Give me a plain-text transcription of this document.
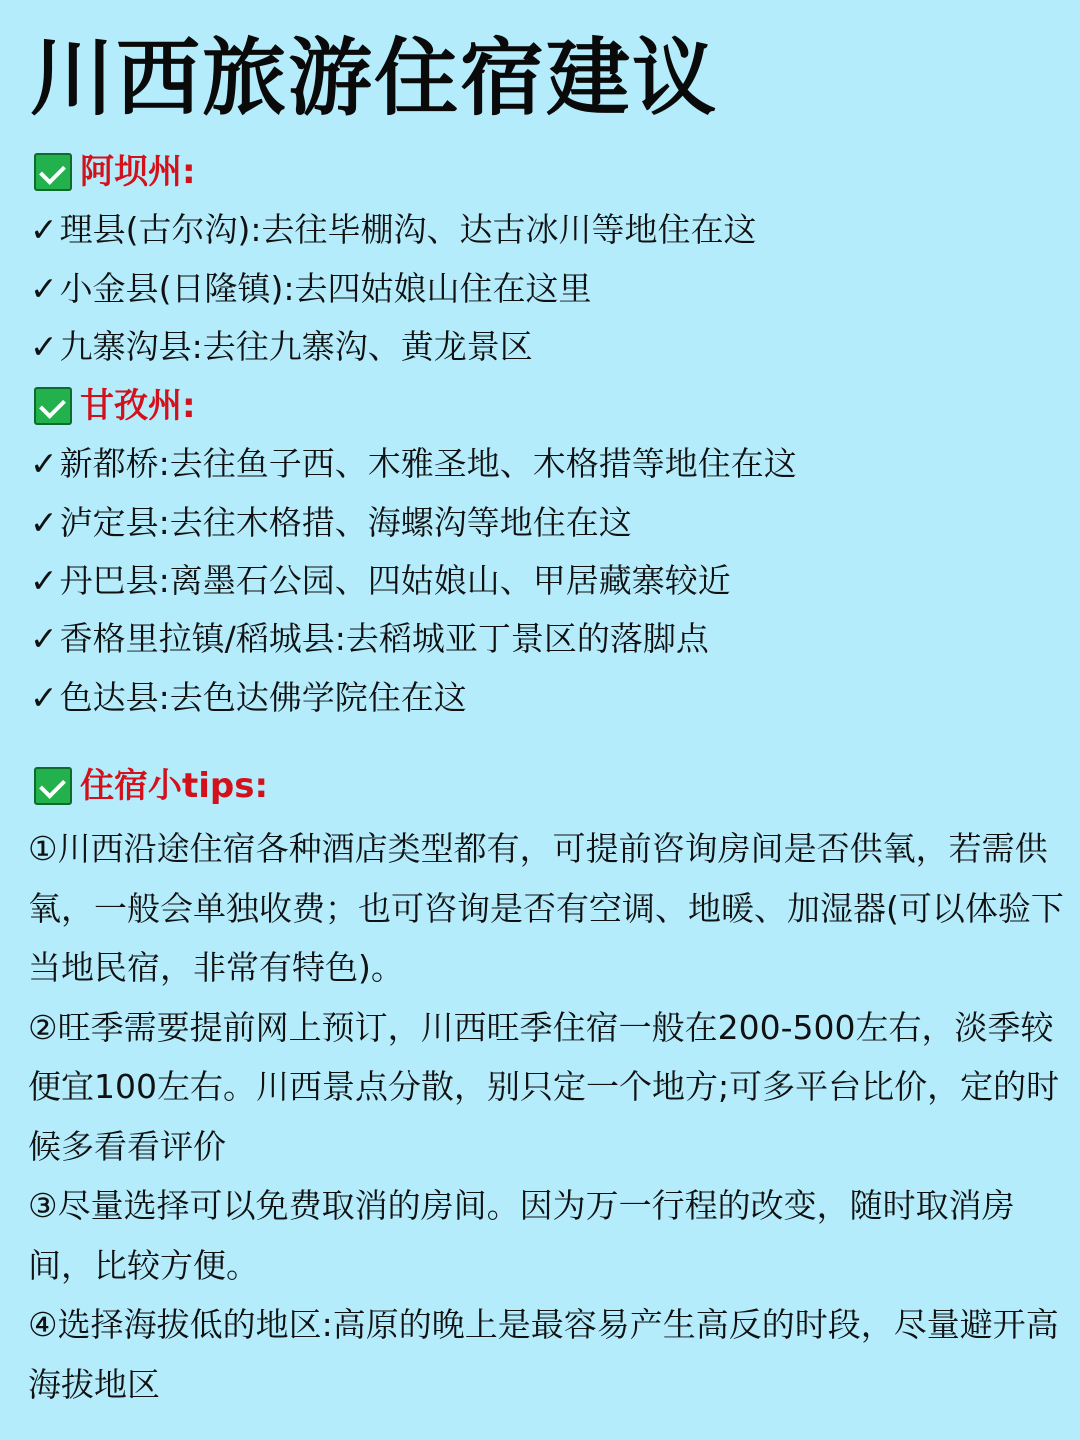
川西旅游住宿建议
阿坝州:
✓理县(古尔沟):去往毕棚沟、达古冰川等地住在这
✓小金县(日隆镇):去四姑娘山住在这里
✓九寨沟县:去往九寨沟、黄龙景区
甘孜州:
✓新都桥:去往鱼子西、木雅圣地、木格措等地住在这
✓泸定县:去往木格措、海螺沟等地住在这
✓丹巴县:离墨石公园、四姑娘山、甲居藏寨较近
✓香格里拉镇/稻城县:去稻城亚丁景区的落脚点
✓色达县:去色达佛学院住在这
住宿小tips:

①川西沿途住宿各种酒店类型都有，可提前咨询房间是否供氧，若需供氧，一般会单独收费；也可咨询是否有空调、地暖、加湿器(可以体验下当地民宿，非常有特色)。

②旺季需要提前网上预订，川西旺季住宿一般在200-500左右，淡季较便宜100左右。川西景点分散，别只定一个地方;可多平台比价，定的时候多看看评价

③尽量选择可以免费取消的房间。因为万一行程的改变，随时取消房间，比较方便。

④选择海拔低的地区:高原的晚上是最容易产生高反的时段，尽量避开高海拔地区
